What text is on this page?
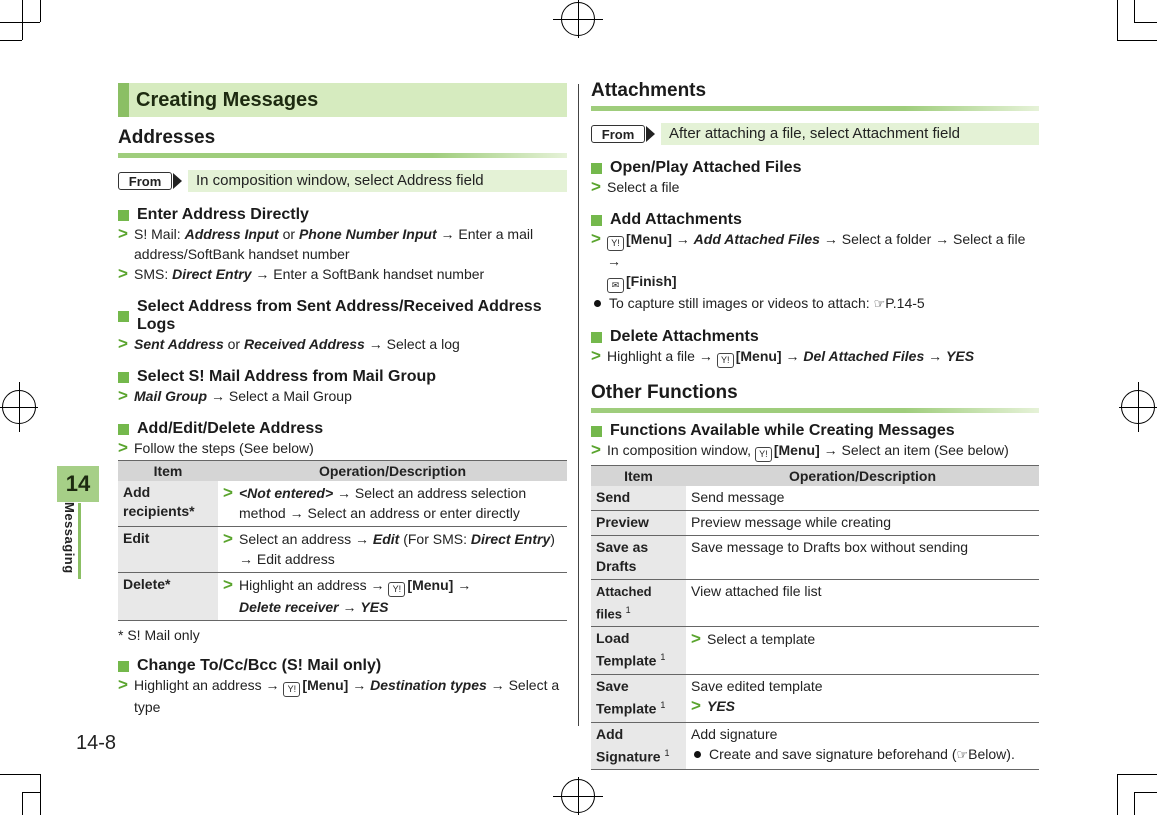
14
Messaging
14-8
Creating Messages
Addresses
From	In composition window, select Address field
Enter Address Directly
> S! Mail: Address Input or Phone Number Input → Enter a mail address/SoftBank handset number
> SMS: Direct Entry → Enter a SoftBank handset number
Select Address from Sent Address/Received Address Logs
> Sent Address or Received Address → Select a log
Select S! Mail Address from Mail Group
> Mail Group → Select a Mail Group
Add/Edit/Delete Address
> Follow the steps (See below)
Item	Operation/Description
Add recipients*	> <Not entered> → Select an address selection method → Select an address or enter directly

Edit	> Select an address → Edit (For SMS: Direct Entry) → Edit address

Delete*	> Highlight an address → Y! [Menu] →
Delete receiver → YES
* S! Mail only
Change To/Cc/Bcc (S! Mail only)
> Highlight an address → Y! [Menu] → Destination types → Select a type
Attachments
From	After attaching a file, select Attachment field
Open/Play Attached Files
> Select a file
Add Attachments
>	Y! [Menu] → Add Attached Files → Select a folder → Select a file →
✉ [Finish]
To capture still images or videos to attach: ☞P.14-5
Delete Attachments
> Highlight a file → Y! [Menu] → Del Attached Files → YES
Other Functions
Functions Available while Creating Messages
> In composition window, Y! [Menu] → Select an item (See below)
Item	Operation/Description
Send	Send message
Preview	Preview message while creating
Save as Drafts	Save message to Drafts box without sending
Attached files $^1$	View attached file list
Load Template $^1$	> Select a template

Save Template $^1$	Save edited template
> YES

Add Signature $^1$	Add signature
Create and save signature beforehand (☞Below).
